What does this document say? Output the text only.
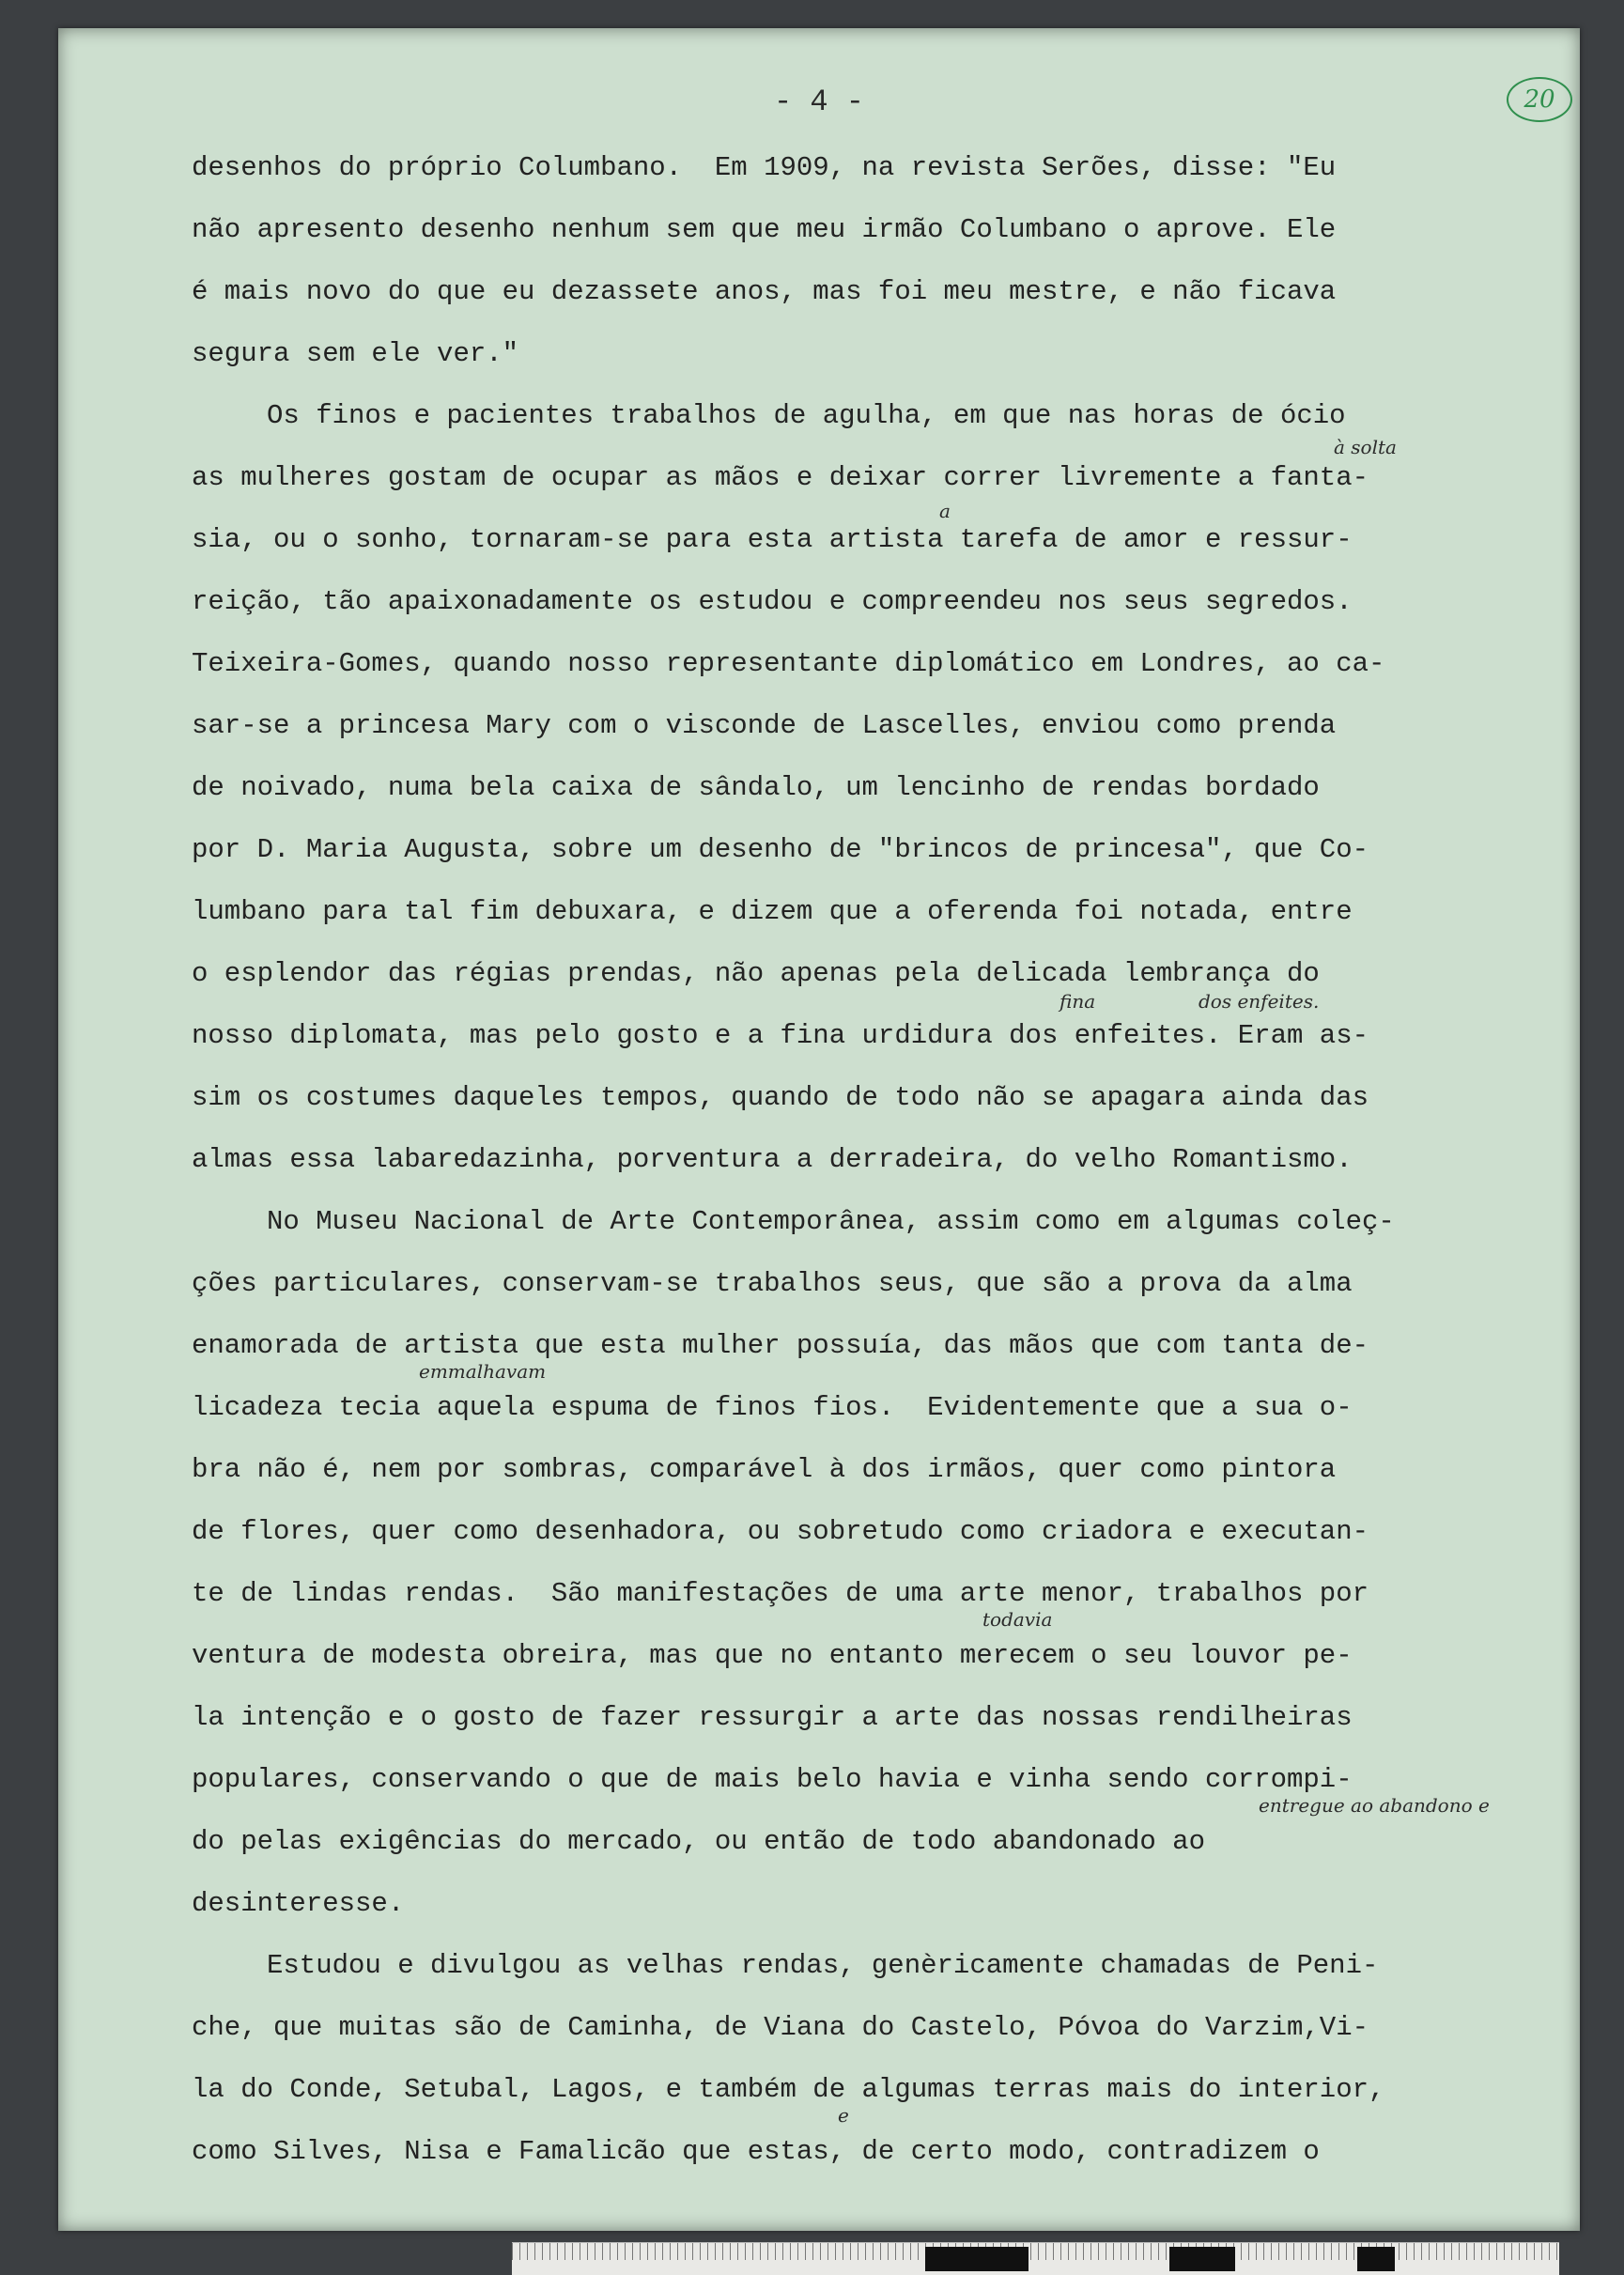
- 4 -	20
desenhos do próprio Columbano.  Em 1909, na revista Serões, disse: "Eu
não apresento desenho nenhum sem que meu irmão Columbano o aprove. Ele
é mais novo do que eu dezassete anos, mas foi meu mestre, e não ficava
segura sem ele ver."
Os finos e pacientes trabalhos de agulha, em que nas horas de ócio
as mulheres gostam de ocupar as mãos e deixar correr livremente a fanta-
sia, ou o sonho, tornaram-se para esta artista tarefa de amor e ressur-
reição, tão apaixonadamente os estudou e compreendeu nos seus segredos.
Teixeira-Gomes, quando nosso representante diplomático em Londres, ao ca-
sar-se a princesa Mary com o visconde de Lascelles, enviou como prenda
de noivado, numa bela caixa de sândalo, um lencinho de rendas bordado
por D. Maria Augusta, sobre um desenho de "brincos de princesa", que Co-
lumbano para tal fim debuxara, e dizem que a oferenda foi notada, entre
o esplendor das régias prendas, não apenas pela delicada lembrança do
nosso diplomata, mas pelo gosto e a fina urdidura dos enfeites. Eram as-
sim os costumes daqueles tempos, quando de todo não se apagara ainda das
almas essa labaredazinha, porventura a derradeira, do velho Romantismo.
No Museu Nacional de Arte Contemporânea, assim como em algumas coleç-
ções particulares, conservam-se trabalhos seus, que são a prova da alma
enamorada de artista que esta mulher possuía, das mãos que com tanta de-
licadeza tecia aquela espuma de finos fios.  Evidentemente que a sua o-
bra não é, nem por sombras, comparável à dos irmãos, quer como pintora
de flores, quer como desenhadora, ou sobretudo como criadora e executan-
te de lindas rendas.  São manifestações de uma arte menor, trabalhos por
ventura de modesta obreira, mas que no entanto merecem o seu louvor pe-
la intenção e o gosto de fazer ressurgir a arte das nossas rendilheiras
populares, conservando o que de mais belo havia e vinha sendo corrompi-
do pelas exigências do mercado, ou então de todo abandonado ao
desinteresse.
Estudou e divulgou as velhas rendas, genèricamente chamadas de Peni-
che, que muitas são de Caminha, de Viana do Castelo, Póvoa do Varzim,Vi-
la do Conde, Setubal, Lagos, e também de algumas terras mais do interior,
como Silves, Nisa e Famalicão que estas, de certo modo, contradizem o
à solta
a
fina	dos enfeites.
emmalhavam
todavia
entregue ao abandono e
e
